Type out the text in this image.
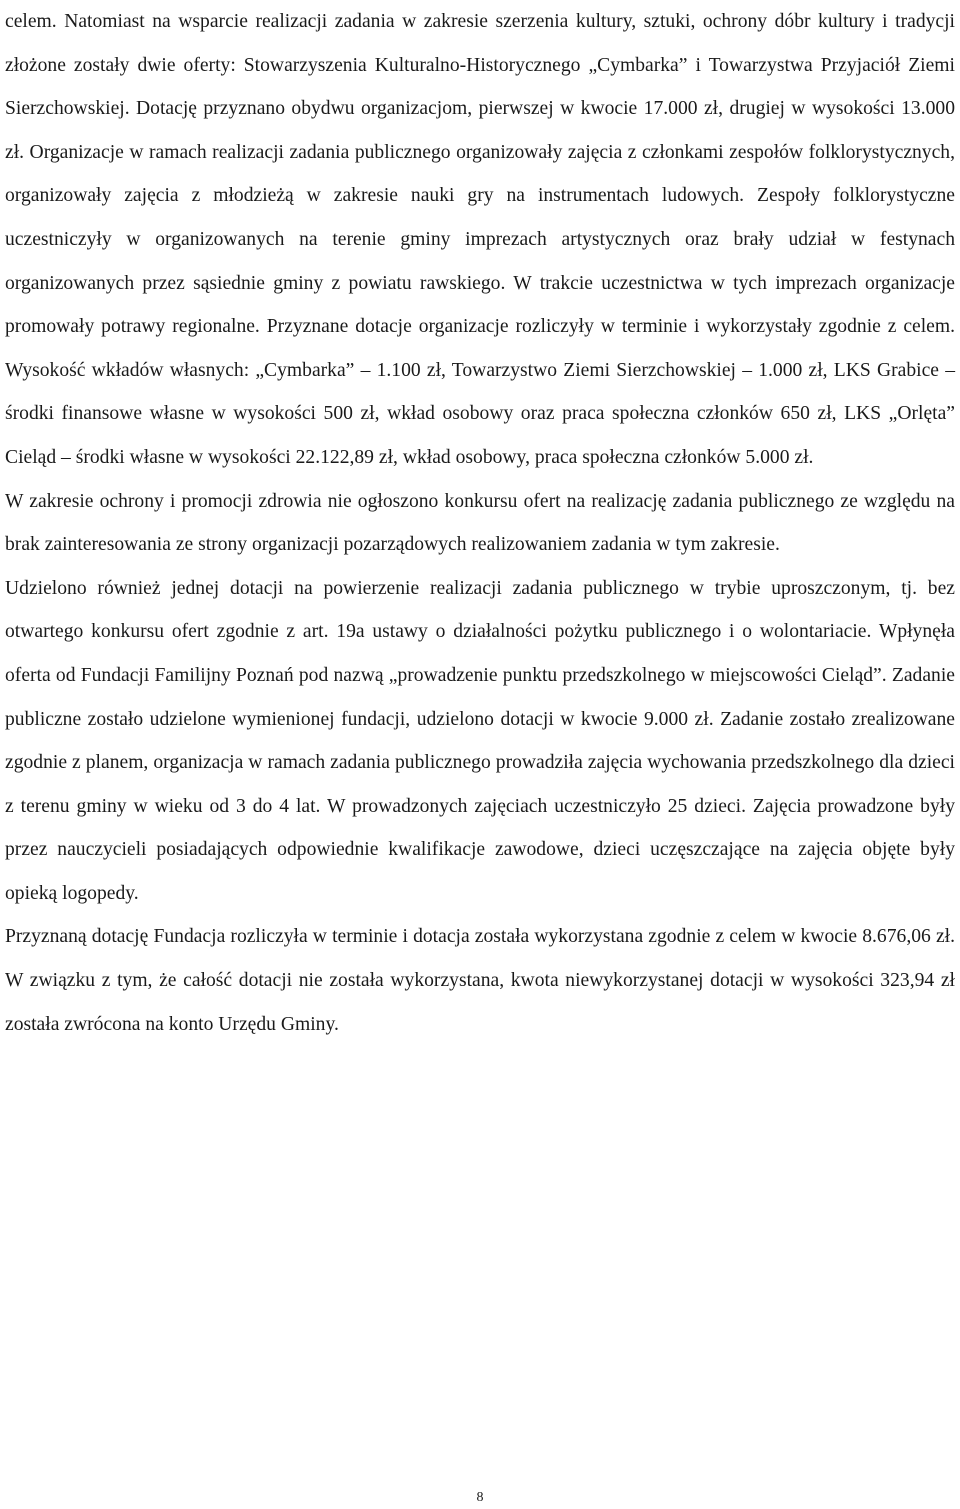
celem. Natomiast na wsparcie realizacji zadania w zakresie szerzenia kultury, sztuki, ochrony dóbr kultury i tradycji złożone zostały dwie oferty: Stowarzyszenia Kulturalno-Historycznego „Cymbarka” i Towarzystwa Przyjaciół Ziemi Sierzchowskiej. Dotację przyznano obydwu organizacjom, pierwszej w kwocie 17.000 zł, drugiej w wysokości 13.000 zł. Organizacje w ramach realizacji zadania publicznego organizowały zajęcia z członkami zespołów folklorystycznych, organizowały zajęcia z młodzieżą w zakresie nauki gry na instrumentach ludowych. Zespoły folklorystyczne uczestniczyły w organizowanych na terenie gminy imprezach artystycznych oraz brały udział w festynach organizowanych przez sąsiednie gminy z powiatu rawskiego. W trakcie uczestnictwa w tych imprezach organizacje promowały potrawy regionalne. Przyznane dotacje organizacje rozliczyły w terminie i wykorzystały zgodnie z celem. Wysokość wkładów własnych: „Cymbarka” – 1.100 zł, Towarzystwo Ziemi Sierzchowskiej – 1.000 zł, LKS Grabice – środki finansowe własne w wysokości 500 zł, wkład osobowy oraz praca społeczna członków 650 zł, LKS „Orlęta” Cieląd – środki własne w wysokości 22.122,89 zł, wkład osobowy, praca społeczna członków 5.000 zł.

W zakresie ochrony i promocji zdrowia nie ogłoszono konkursu ofert na realizację zadania publicznego ze względu na brak zainteresowania ze strony organizacji pozarządowych realizowaniem zadania w tym zakresie.

Udzielono również jednej dotacji na powierzenie realizacji zadania publicznego w trybie uproszczonym, tj. bez otwartego konkursu ofert zgodnie z art. 19a ustawy o działalności pożytku publicznego i o wolontariacie. Wpłynęła oferta od Fundacji Familijny Poznań pod nazwą „prowadzenie punktu przedszkolnego w miejscowości Cieląd”. Zadanie publiczne zostało udzielone wymienionej fundacji, udzielono dotacji w kwocie 9.000 zł. Zadanie zostało zrealizowane zgodnie z planem, organizacja w ramach zadania publicznego prowadziła zajęcia wychowania przedszkolnego dla dzieci z terenu gminy w wieku od 3 do 4 lat. W prowadzonych zajęciach uczestniczyło 25 dzieci. Zajęcia prowadzone były przez nauczycieli posiadających odpowiednie kwalifikacje zawodowe, dzieci uczęszczające na zajęcia objęte były opieką logopedy.

Przyznaną dotację Fundacja rozliczyła w terminie i dotacja została wykorzystana zgodnie z celem w kwocie 8.676,06 zł. W związku z tym, że całość dotacji nie została wykorzystana, kwota niewykorzystanej dotacji w wysokości 323,94 zł została zwrócona na konto Urzędu Gminy.

8
